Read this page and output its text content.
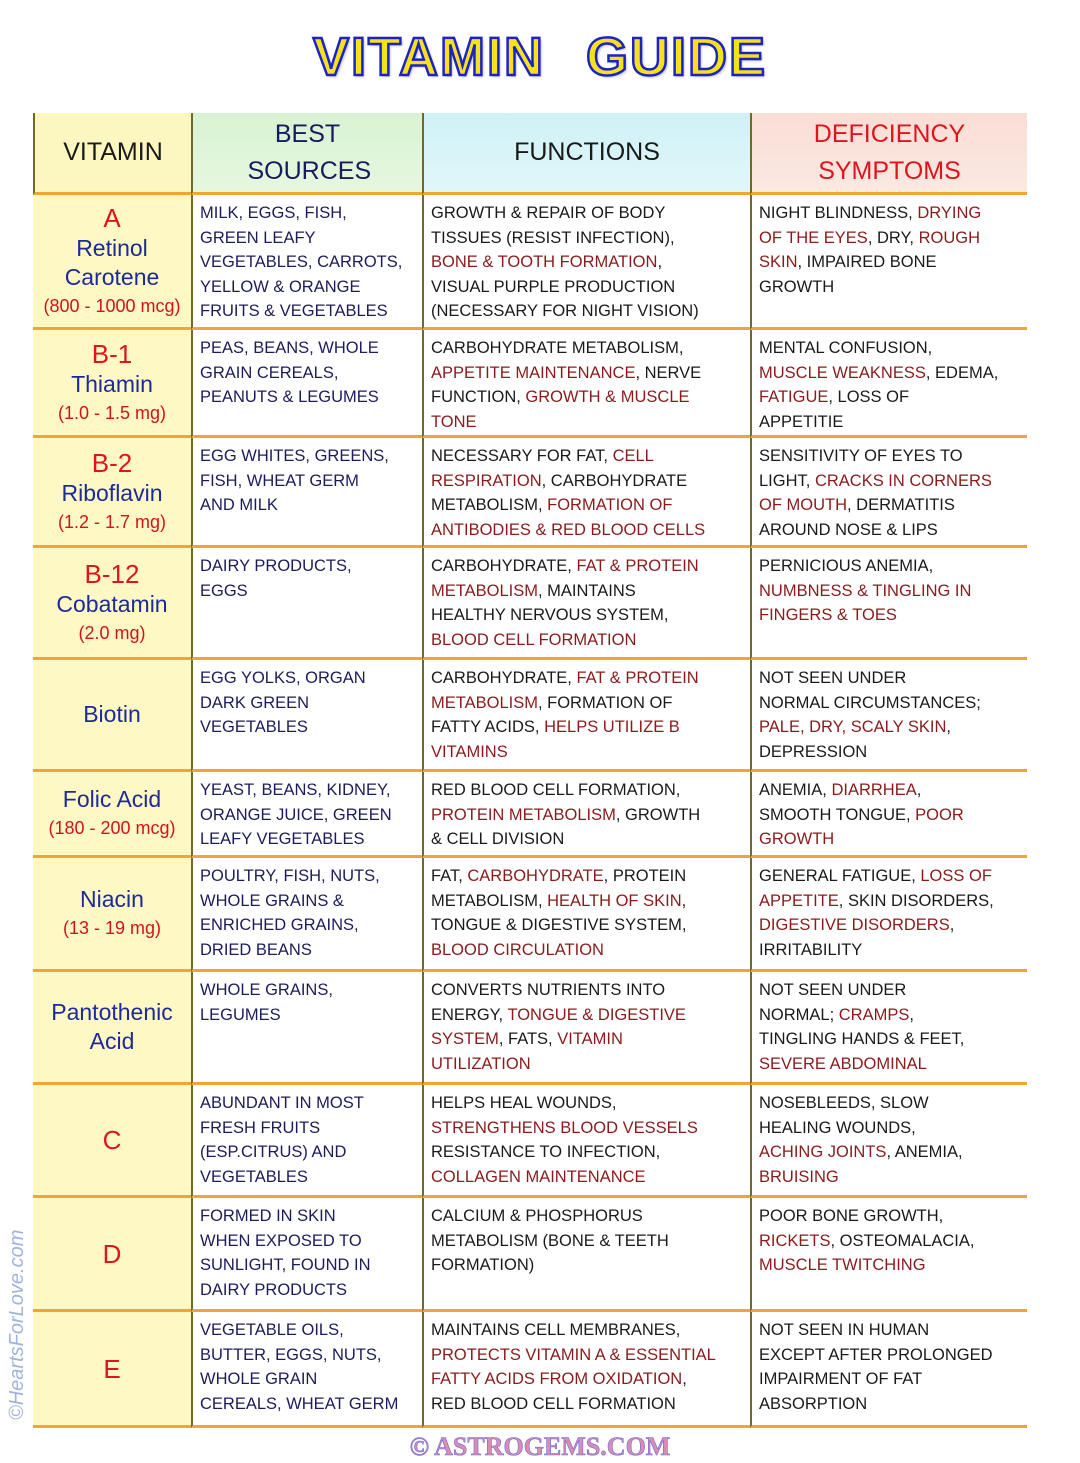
VITAMIN GUIDE
VITAMIN
BEST SOURCES
FUNCTIONS
DEFICIENCY SYMPTOMS
A
Retinol
Carotene
(800 - 1000 mcg)
MILK, EGGS, FISH,
GREEN LEAFY
VEGETABLES, CARROTS,
YELLOW & ORANGE
FRUITS & VEGETABLES
GROWTH & REPAIR OF BODY
TISSUES (RESIST INFECTION),
BONE & TOOTH FORMATION,
VISUAL PURPLE PRODUCTION
(NECESSARY FOR NIGHT VISION)
NIGHT BLINDNESS, DRYING
OF THE EYES, DRY, ROUGH
SKIN, IMPAIRED BONE
GROWTH
B-1
Thiamin
(1.0 - 1.5 mg)
PEAS, BEANS, WHOLE
GRAIN CEREALS,
PEANUTS & LEGUMES
CARBOHYDRATE METABOLISM,
APPETITE MAINTENANCE, NERVE
FUNCTION, GROWTH & MUSCLE
TONE
MENTAL CONFUSION,
MUSCLE WEAKNESS, EDEMA,
FATIGUE, LOSS OF
APPETITIE
B-2
Riboflavin
(1.2 - 1.7 mg)
EGG WHITES, GREENS,
FISH, WHEAT GERM
AND MILK
NECESSARY FOR FAT, CELL
RESPIRATION, CARBOHYDRATE
METABOLISM, FORMATION OF
ANTIBODIES & RED BLOOD CELLS
SENSITIVITY OF EYES TO
LIGHT, CRACKS IN CORNERS
OF MOUTH, DERMATITIS
AROUND NOSE & LIPS
B-12
Cobatamin
(2.0 mg)
DAIRY PRODUCTS,
EGGS
CARBOHYDRATE, FAT & PROTEIN
METABOLISM, MAINTAINS
HEALTHY NERVOUS SYSTEM,
BLOOD CELL FORMATION
PERNICIOUS ANEMIA,
NUMBNESS & TINGLING IN
FINGERS & TOES
Biotin
EGG YOLKS, ORGAN
DARK GREEN
VEGETABLES
CARBOHYDRATE, FAT & PROTEIN
METABOLISM, FORMATION OF
FATTY ACIDS, HELPS UTILIZE B
VITAMINS
NOT SEEN UNDER
NORMAL CIRCUMSTANCES;
PALE, DRY, SCALY SKIN,
DEPRESSION
Folic Acid
(180 - 200 mcg)
YEAST, BEANS, KIDNEY,
ORANGE JUICE, GREEN
LEAFY VEGETABLES
RED BLOOD CELL FORMATION,
PROTEIN METABOLISM, GROWTH
& CELL DIVISION
ANEMIA, DIARRHEA,
SMOOTH TONGUE, POOR
GROWTH
Niacin
(13 - 19 mg)
POULTRY, FISH, NUTS,
WHOLE GRAINS &
ENRICHED GRAINS,
DRIED BEANS
FAT, CARBOHYDRATE, PROTEIN
METABOLISM, HEALTH OF SKIN,
TONGUE & DIGESTIVE SYSTEM,
BLOOD CIRCULATION
GENERAL FATIGUE, LOSS OF
APPETITE, SKIN DISORDERS,
DIGESTIVE DISORDERS,
IRRITABILITY
Pantothenic
Acid
WHOLE GRAINS,
LEGUMES
CONVERTS NUTRIENTS INTO
ENERGY, TONGUE & DIGESTIVE
SYSTEM, FATS, VITAMIN
UTILIZATION
NOT SEEN UNDER
NORMAL; CRAMPS,
TINGLING HANDS & FEET,
SEVERE ABDOMINAL
C
ABUNDANT IN MOST
FRESH FRUITS
(ESP.CITRUS) AND
VEGETABLES
HELPS HEAL WOUNDS,
STRENGTHENS BLOOD VESSELS
RESISTANCE TO INFECTION,
COLLAGEN MAINTENANCE
NOSEBLEEDS, SLOW
HEALING WOUNDS,
ACHING JOINTS, ANEMIA,
BRUISING
D
FORMED IN SKIN
WHEN EXPOSED TO
SUNLIGHT, FOUND IN
DAIRY PRODUCTS
CALCIUM & PHOSPHORUS
METABOLISM (BONE & TEETH
FORMATION)
POOR BONE GROWTH,
RICKETS, OSTEOMALACIA,
MUSCLE TWITCHING
E
VEGETABLE OILS,
BUTTER, EGGS, NUTS,
WHOLE GRAIN
CEREALS, WHEAT GERM
MAINTAINS CELL MEMBRANES,
PROTECTS VITAMIN A & ESSENTIAL
FATTY ACIDS FROM OXIDATION,
RED BLOOD CELL FORMATION
NOT SEEN IN HUMAN
EXCEPT AFTER PROLONGED
IMPAIRMENT OF FAT
ABSORPTION
© ASTROGEMS.COM
©HeartsForLove.com
